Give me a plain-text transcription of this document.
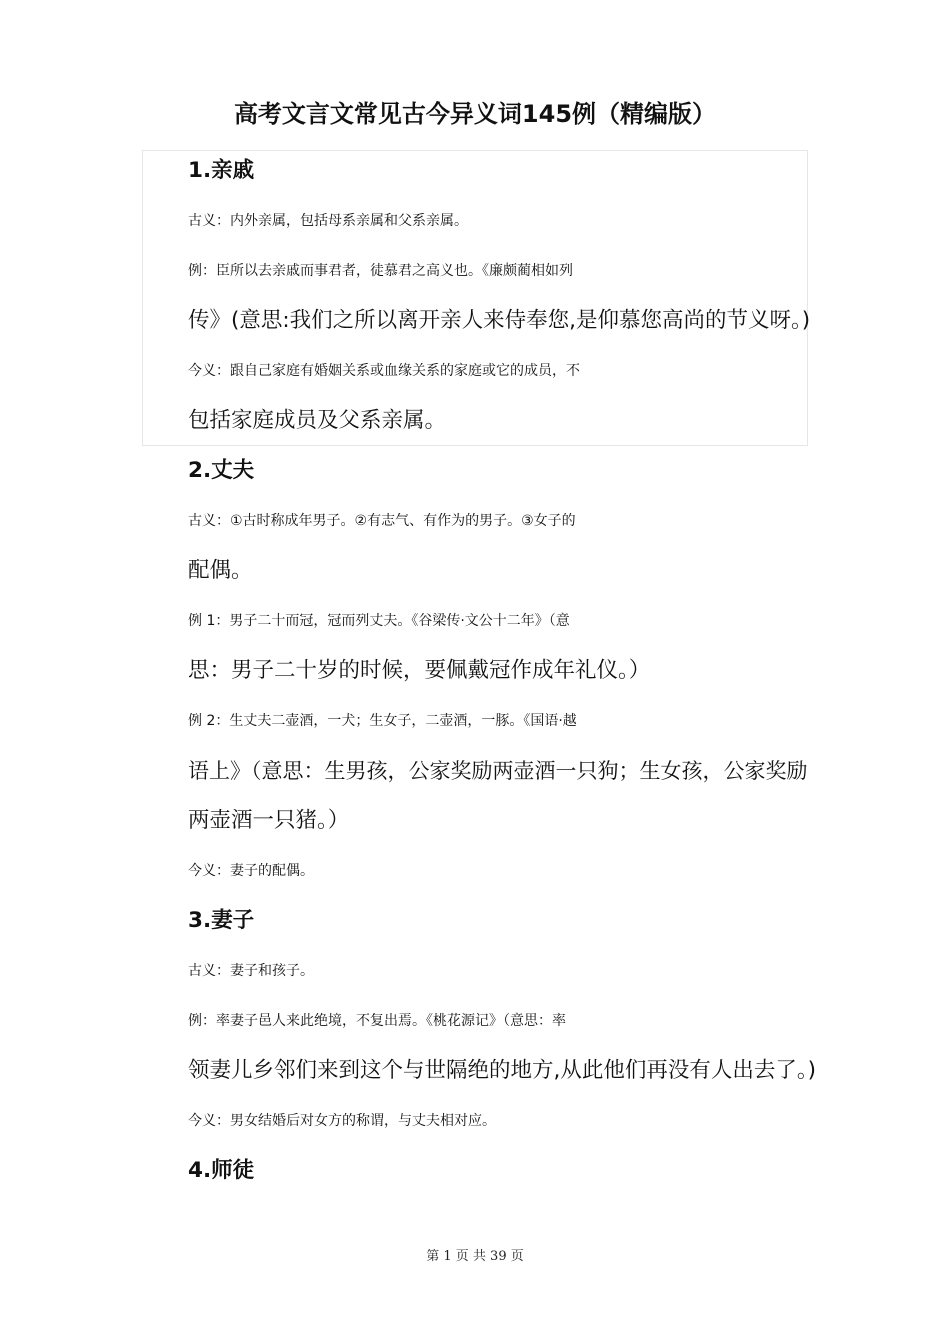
高考文言文常见古今异义词145例（精编版）
1.亲戚

古义：内外亲属，包括母系亲属和父系亲属。

例：臣所以去亲戚而事君者，徒慕君之高义也。《廉颇蔺相如列
传》(意思:我们之所以离开亲人来侍奉您,是仰慕您高尚的节义呀。)

今义：跟自己家庭有婚姻关系或血缘关系的家庭或它的成员，不
包括家庭成员及父系亲属。

2.丈夫

古义：①古时称成年男子。②有志气、有作为的男子。③女子的
配偶。

例 1：男子二十而冠，冠而列丈夫。《谷梁传·文公十二年》（意
思：男子二十岁的时候，要佩戴冠作成年礼仪。）

例 2：生丈夫二壶酒，一犬；生女子，二壶酒，一豚。《国语·越
语上》（意思：生男孩，公家奖励两壶酒一只狗；生女孩，公家奖励
两壶酒一只猪。）

今义：妻子的配偶。

3.妻子

古义：妻子和孩子。

例：率妻子邑人来此绝境，不复出焉。《桃花源记》（意思：率
领妻儿乡邻们来到这个与世隔绝的地方,从此他们再没有人出去了。)

今义：男女结婚后对女方的称谓，与丈夫相对应。

4.师徒
第 1 页 共 39 页
